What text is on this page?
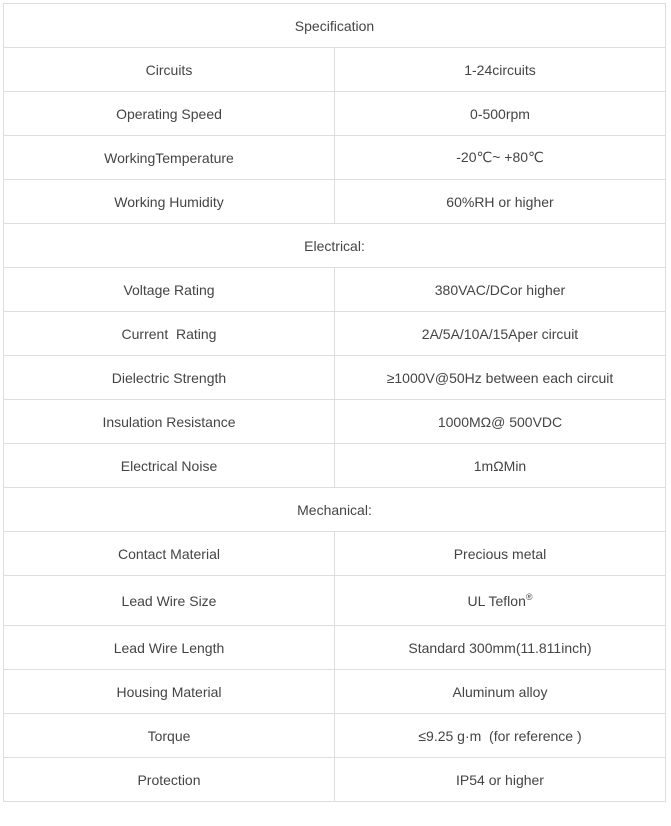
Specification	
Circuits	1-24circuits
Operating Speed	0-500rpm
WorkingTemperature	-20℃~ +80℃
Working Humidity	60%RH or higher
Electrical:	
Voltage Rating	380VAC/DCor higher
Current  Rating	2A/5A/10A/15Aper circuit
Dielectric Strength	≥1000V@50Hz between each circuit
Insulation Resistance	1000MΩ@ 500VDC
Electrical Noise	1mΩMin
Mechanical:	
Contact Material	Precious metal
Lead Wire Size	UL Teflon®
Lead Wire Length	Standard 300mm(11.811inch)
Housing Material	Aluminum alloy
Torque	≤9.25 g·m  (for reference )
Protection	IP54 or higher
